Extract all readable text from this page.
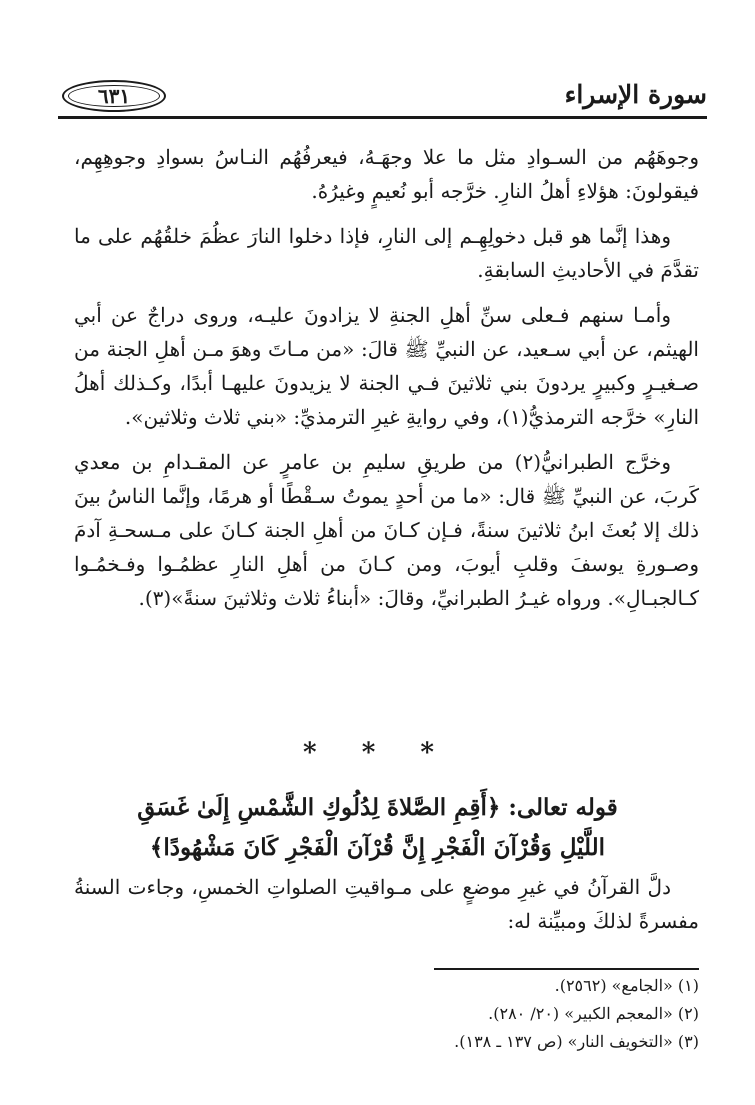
٦٣١	سورة الإسراء

وجوهَهُم من السـوادِ مثل ما علا وجهَـهُ، فيعرفُهُم النـاسُ بسوادِ وجوهِهِم، فيقولونَ: هؤلاءِ أهلُ النارِ. خرَّجه أبو نُعيمٍ وغيرُهُ.

وهذا إنَّما هو قبل دخولِهِـم إلى النارِ، فإذا دخلوا النارَ عظُمَ خلقُهُم على ما تقدَّمَ في الأحاديثِ السابقةِ.

وأمـا سنهم فـعلى سنِّ أهلِ الجنةِ لا يزادونَ عليـه، وروى دراجٌ عن أبي الهيثم، عن أبي سـعيد، عن النبيِّ ﷺ قالَ: «من مـاتَ وهوَ مـن أهلِ الجنة من صـغيـرٍ وكبيرٍ يردونَ بني ثلاثينَ فـي الجنة لا يزيدونَ عليهـا أبدًا، وكـذلك أهلُ النارِ» خرَّجه الترمذيُّ(١)، وفي روايةِ غيرِ الترمذيِّ: «بني ثلاث وثلاثين».

وخرَّج الطبرانيُّ(٢) من طريقِ سليمِ بن عامرٍ عن المقـدامِ بن معدي كَربَ، عن النبيِّ ﷺ قال: «ما من أحدٍ يموتُ سـقْطًا أو هرمًا، وإنَّما الناسُ بينَ ذلك إلا بُعثَ ابنُ ثلاثينَ سنةً، فـإن كـانَ من أهلِ الجنة كـانَ على مـسحـةِ آدمَ وصـورةِ يوسفَ وقلبِ أيوبَ، ومن كـانَ من أهلِ النارِ عظمُـوا وفـخمُـوا كـالجبـالِ». ورواه غيـرُ الطبرانيِّ، وقالَ: «أبناءُ ثلاث وثلاثينَ سنةً»(٣).

* * *
قوله تعالى: ﴿أَقِمِ الصَّلاةَ لِدُلُوكِ الشَّمْسِ إِلَىٰ غَسَقِ
اللَّيْلِ وَقُرْآنَ الْفَجْرِ إِنَّ قُرْآنَ الْفَجْرِ كَانَ مَشْهُودًا﴾

دلَّ القرآنُ في غيرِ موضعٍ على مـواقيتِ الصلواتِ الخمسِ، وجاءت السنةُ مفسرةً لذلكَ ومبيِّنة له:

(١) «الجامع» (٢٥٦٢).
(٢) «المعجم الكبير» (٢٠/ ٢٨٠).
(٣) «التخويف النار» (ص ١٣٧ ـ ١٣٨).
